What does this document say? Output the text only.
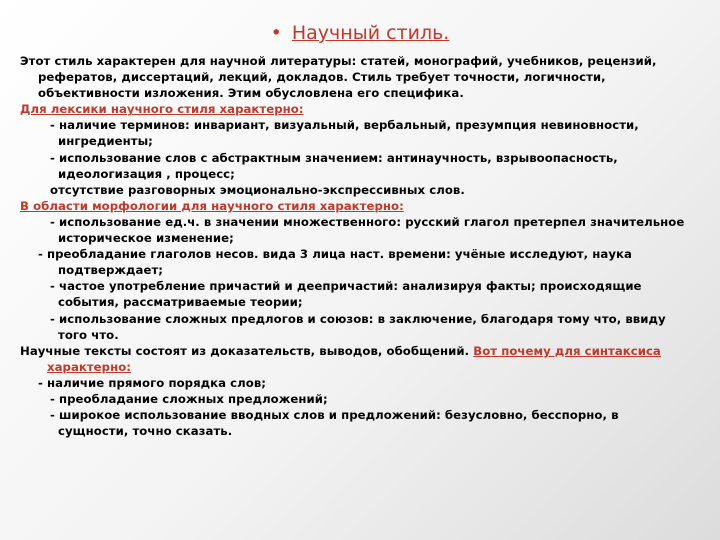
• Научный стиль.
Этот стиль характерен для научной литературы: статей, монографий, учебников, рецензий,
рефератов, диссертаций, лекций, докладов. Стиль требует точности, логичности,
объективности изложения. Этим обусловлена его специфика.
Для лексики научного стиля характерно:
- наличие терминов: инвариант, визуальный, вербальный, презумпция невиновности,
ингредиенты;
- использование слов с абстрактным значением: антинаучность, взрывоопасность,
идеологизация , процесс;
отсутствие разговорных эмоционально-экспрессивных слов.
В области морфологии для научного стиля характерно:
- использование ед.ч. в значении множественного: русский глагол претерпел значительное
историческое изменение;
- преобладание глаголов несов. вида 3 лица наст. времени: учёные исследуют, наука
подтверждает;
- частое употребление причастий и деепричастий: анализируя факты; происходящие
события, рассматриваемые теории;
- использование сложных предлогов и союзов: в заключение, благодаря тому что, ввиду
того что.
Научные тексты состоят из доказательств, выводов, обобщений. Вот почему для синтаксиса
характерно:
- наличие прямого порядка слов;
- преобладание сложных предложений;
- широкое использование вводных слов и предложений: безусловно, бесспорно, в
сущности, точно сказать.
